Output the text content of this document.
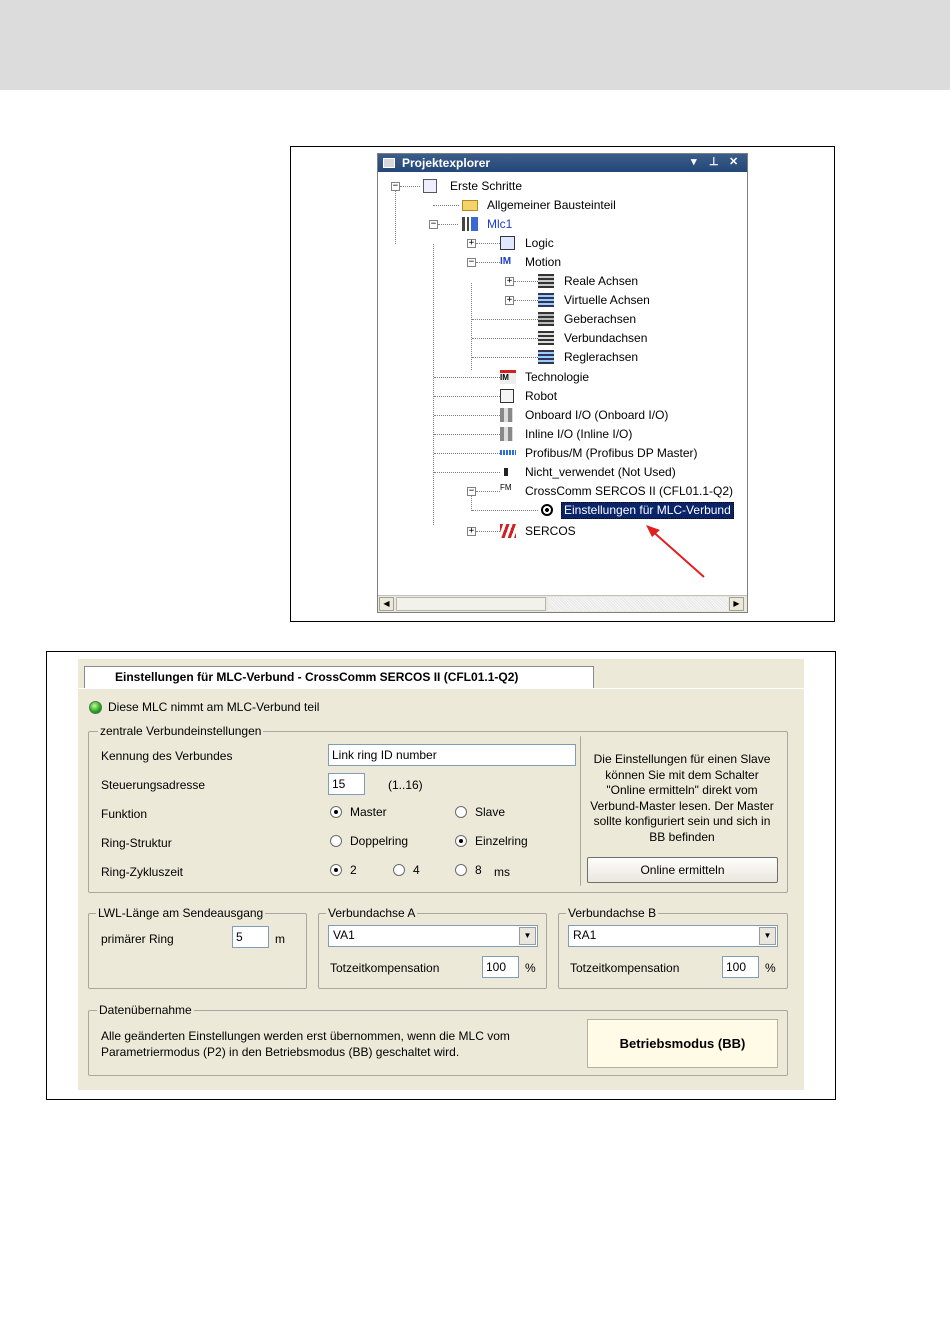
Projektexplorer	▾ ⊥ ✕
−	Erste Schritte
Allgemeiner Bausteinteil
−	Mlc1
+	Logic
−	IM	Motion
+	Reale Achsen
+	Virtuelle Achsen
Geberachsen
Verbundachsen
Reglerachsen
IM	Technologie
Robot
Onboard I/O (Onboard I/O)
Inline I/O (Inline I/O)
Profibus/M (Profibus DP Master)
Nicht_verwendet (Not Used)
−	FM	CrossComm SERCOS II (CFL01.1-Q2)
Einstellungen für MLC-Verbund
+	SERCOS
◀	▶
Einstellungen für MLC-Verbund - CrossComm SERCOS II (CFL01.1-Q2)
Diese MLC nimmt am MLC-Verbund teil
zentrale Verbundeinstellungen
Kennung des Verbundes	Link ring ID number
Steuerungsadresse	15	(1..16)
Funktion	Master	Slave
Ring-Struktur	Doppelring	Einzelring
Ring-Zykluszeit	2	4	8 ms
Die Einstellungen für einen Slave
können Sie mit dem Schalter
"Online ermitteln" direkt vom
Verbund-Master lesen. Der Master
sollte konfiguriert sein und sich in
BB befinden
Online ermitteln
LWL-Länge am Sendeausgang
primärer Ring	5	m
Verbundachse A
VA1	▼
Totzeitkompensation	100	%
Verbundachse B
RA1	▼
Totzeitkompensation	100	%
Datenübernahme
Alle geänderten Einstellungen werden erst übernommen, wenn die MLC vom
Parametriermodus (P2) in den Betriebsmodus (BB) geschaltet wird.
Betriebsmodus (BB)
